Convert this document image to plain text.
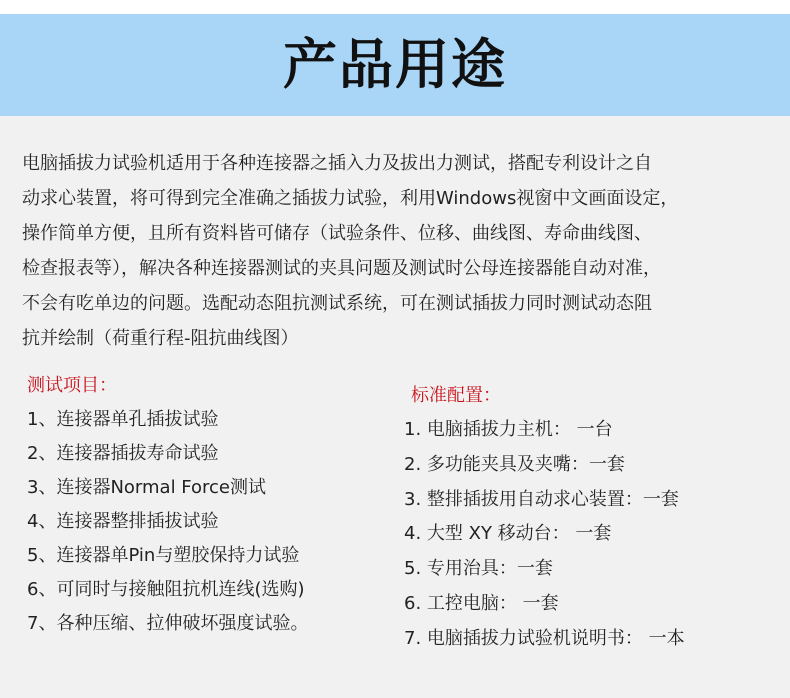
产品用途
电脑插拔力试验机适用于各种连接器之插入力及拔出力测试，搭配专利设计之自
动求心装置，将可得到完全准确之插拔力试验，利用Windows视窗中文画面设定，
操作简单方便，且所有资料皆可储存（试验条件、位移、曲线图、寿命曲线图、
检查报表等），解决各种连接器测试的夹具问题及测试时公母连接器能自动对准，
不会有吃单边的问题。选配动态阻抗测试系统，可在测试插拔力同时测试动态阻
抗并绘制（荷重行程-阻抗曲线图）
测试项目：
1、连接器单孔插拔试验
2、连接器插拔寿命试验
3、连接器Normal Force测试
4、连接器整排插拔试验
5、连接器单Pin与塑胶保持力试验
6、可同时与接触阻抗机连线(选购)
7、各种压缩、拉伸破坏强度试验。
标准配置：
1. 电脑插拔力主机： 一台
2. 多功能夹具及夹嘴：一套
3. 整排插拔用自动求心装置：一套
4. 大型 XY 移动台： 一套
5. 专用治具：一套
6. 工控电脑： 一套
7. 电脑插拔力试验机说明书： 一本
